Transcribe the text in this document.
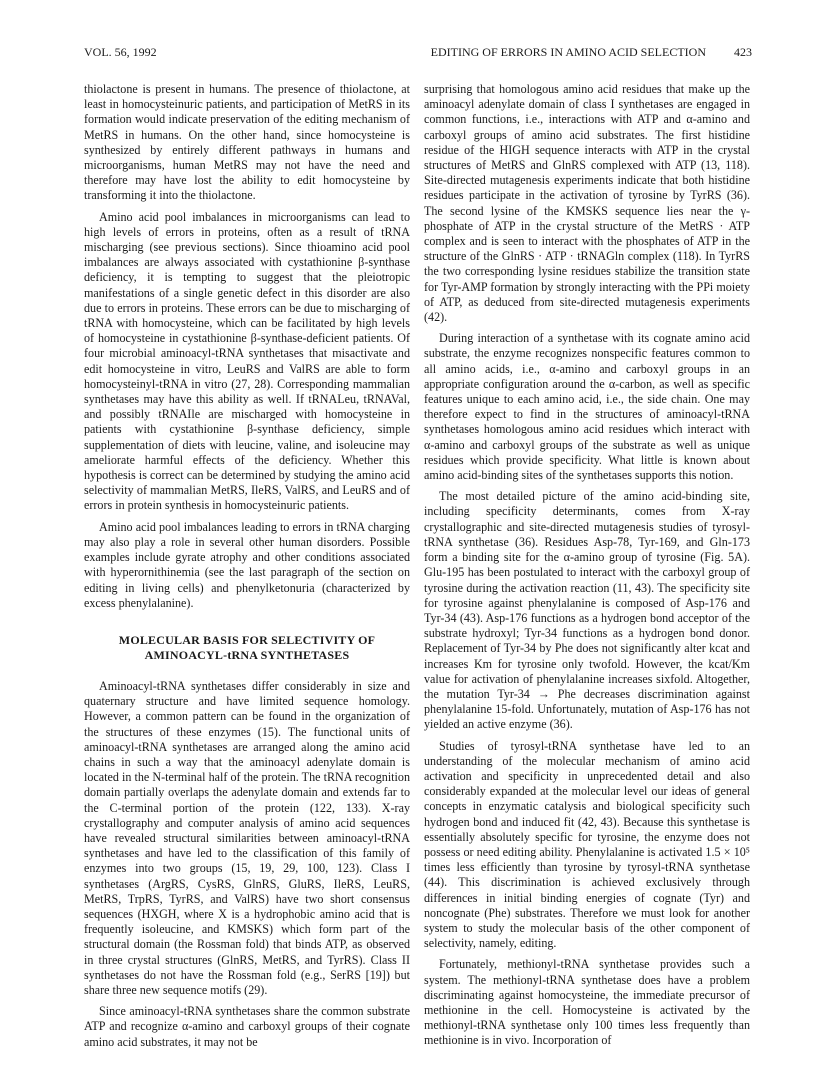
VOL. 56, 1992	EDITING OF ERRORS IN AMINO ACID SELECTION 423

thiolactone is present in humans. The presence of thiolactone, at least in homocysteinuric patients, and participation of MetRS in its formation would indicate preservation of the editing mechanism of MetRS in humans. On the other hand, since homocysteine is synthesized by entirely different pathways in humans and microorganisms, human MetRS may not have the need and therefore may have lost the ability to edit homocysteine by transforming it into the thiolactone.

Amino acid pool imbalances in microorganisms can lead to high levels of errors in proteins, often as a result of tRNA mischarging (see previous sections). Since thioamino acid pool imbalances are always associated with cystathionine β-synthase deficiency, it is tempting to suggest that the pleiotropic manifestations of a single genetic defect in this disorder are also due to errors in proteins. These errors can be due to mischarging of tRNA with homocysteine, which can be facilitated by high levels of homocysteine in cystathionine β-synthase-deficient patients. Of four microbial aminoacyl-tRNA synthetases that misactivate and edit homocysteine in vitro, LeuRS and ValRS are able to form homocysteinyl-tRNA in vitro (27, 28). Corresponding mammalian synthetases may have this ability as well. If tRNALeu, tRNAVal, and possibly tRNAIle are mischarged with homocysteine in patients with cystathionine β-synthase deficiency, simple supplementation of diets with leucine, valine, and isoleucine may ameliorate harmful effects of the deficiency. Whether this hypothesis is correct can be determined by studying the amino acid selectivity of mammalian MetRS, IleRS, ValRS, and LeuRS and of errors in protein synthesis in homocysteinuric patients.

Amino acid pool imbalances leading to errors in tRNA charging may also play a role in several other human disorders. Possible examples include gyrate atrophy and other conditions associated with hyperornithinemia (see the last paragraph of the section on editing in living cells) and phenylketonuria (characterized by excess phenylalanine).

MOLECULAR BASIS FOR SELECTIVITY OF
AMINOACYL-tRNA SYNTHETASES

Aminoacyl-tRNA synthetases differ considerably in size and quaternary structure and have limited sequence homology. However, a common pattern can be found in the organization of the structures of these enzymes (15). The functional units of aminoacyl-tRNA synthetases are arranged along the amino acid chains in such a way that the aminoacyl adenylate domain is located in the N-terminal half of the protein. The tRNA recognition domain partially overlaps the adenylate domain and extends far to the C-terminal portion of the protein (122, 133). X-ray crystallography and computer analysis of amino acid sequences have revealed structural similarities between aminoacyl-tRNA synthetases and have led to the classification of this family of enzymes into two groups (15, 19, 29, 100, 123). Class I synthetases (ArgRS, CysRS, GlnRS, GluRS, IleRS, LeuRS, MetRS, TrpRS, TyrRS, and ValRS) have two short consensus sequences (HXGH, where X is a hydrophobic amino acid that is frequently isoleucine, and KMSKS) which form part of the structural domain (the Rossman fold) that binds ATP, as observed in three crystal structures (GlnRS, MetRS, and TyrRS). Class II synthetases do not have the Rossman fold (e.g., SerRS [19]) but share three new sequence motifs (29).

Since aminoacyl-tRNA synthetases share the common substrate ATP and recognize α-amino and carboxyl groups of their cognate amino acid substrates, it may not be

surprising that homologous amino acid residues that make up the aminoacyl adenylate domain of class I synthetases are engaged in common functions, i.e., interactions with ATP and α-amino and carboxyl groups of amino acid substrates. The first histidine residue of the HIGH sequence interacts with ATP in the crystal structures of MetRS and GlnRS complexed with ATP (13, 118). Site-directed mutagenesis experiments indicate that both histidine residues participate in the activation of tyrosine by TyrRS (36). The second lysine of the KMSKS sequence lies near the γ-phosphate of ATP in the crystal structure of the MetRS · ATP complex and is seen to interact with the phosphates of ATP in the structure of the GlnRS · ATP · tRNAGln complex (118). In TyrRS the two corresponding lysine residues stabilize the transition state for Tyr-AMP formation by strongly interacting with the PPi moiety of ATP, as deduced from site-directed mutagenesis experiments (42).

During interaction of a synthetase with its cognate amino acid substrate, the enzyme recognizes nonspecific features common to all amino acids, i.e., α-amino and carboxyl groups in an appropriate configuration around the α-carbon, as well as specific features unique to each amino acid, i.e., the side chain. One may therefore expect to find in the structures of aminoacyl-tRNA synthetases homologous amino acid residues which interact with α-amino and carboxyl groups of the substrate as well as unique residues which provide specificity. What little is known about amino acid-binding sites of the synthetases supports this notion.

The most detailed picture of the amino acid-binding site, including specificity determinants, comes from X-ray crystallographic and site-directed mutagenesis studies of tyrosyl-tRNA synthetase (36). Residues Asp-78, Tyr-169, and Gln-173 form a binding site for the α-amino group of tyrosine (Fig. 5A). Glu-195 has been postulated to interact with the carboxyl group of tyrosine during the activation reaction (11, 43). The specificity site for tyrosine against phenylalanine is composed of Asp-176 and Tyr-34 (43). Asp-176 functions as a hydrogen bond acceptor of the substrate hydroxyl; Tyr-34 functions as a hydrogen bond donor. Replacement of Tyr-34 by Phe does not significantly alter kcat and increases Km for tyrosine only twofold. However, the kcat/Km value for activation of phenylalanine increases sixfold. Altogether, the mutation Tyr-34 → Phe decreases discrimination against phenylalanine 15-fold. Unfortunately, mutation of Asp-176 has not yielded an active enzyme (36).

Studies of tyrosyl-tRNA synthetase have led to an understanding of the molecular mechanism of amino acid activation and specificity in unprecedented detail and also considerably expanded at the molecular level our ideas of general concepts in enzymatic catalysis and biological specificity such hydrogen bond and induced fit (42, 43). Because this synthetase is essentially absolutely specific for tyrosine, the enzyme does not possess or need editing ability. Phenylalanine is activated 1.5 × 10⁵ times less efficiently than tyrosine by tyrosyl-tRNA synthetase (44). This discrimination is achieved exclusively through differences in initial binding energies of cognate (Tyr) and noncognate (Phe) substrates. Therefore we must look for another system to study the molecular basis of the other component of selectivity, namely, editing.

Fortunately, methionyl-tRNA synthetase provides such a system. The methionyl-tRNA synthetase does have a problem discriminating against homocysteine, the immediate precursor of methionine in the cell. Homocysteine is activated by the methionyl-tRNA synthetase only 100 times less frequently than methionine is in vivo. Incorporation of
